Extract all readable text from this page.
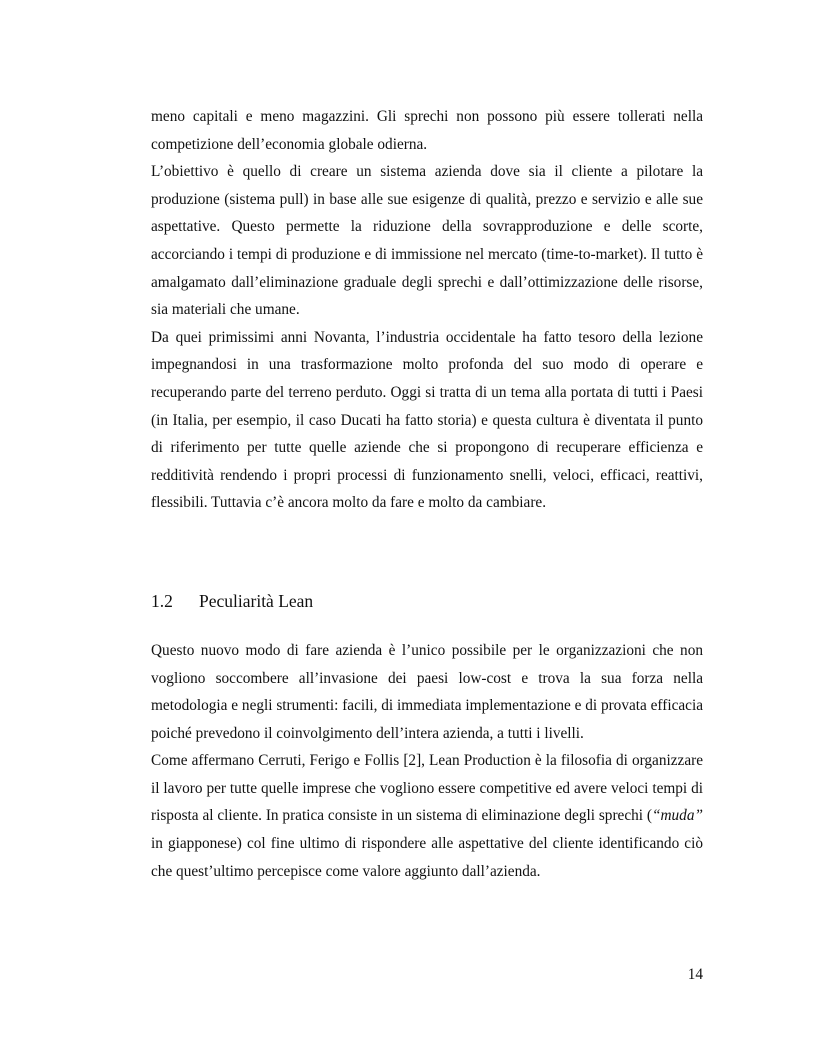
meno capitali e meno magazzini. Gli sprechi non possono più essere tollerati nella competizione dell’economia globale odierna.

L’obiettivo è quello di creare un sistema azienda dove sia il cliente a pilotare la produzione (sistema pull) in base alle sue esigenze di qualità, prezzo e servizio e alle sue aspettative. Questo permette la riduzione della sovrapproduzione e delle scorte, accorciando i tempi di produzione e di immissione nel mercato (time-to-market). Il tutto è amalgamato dall’eliminazione graduale degli sprechi e dall’ottimizzazione delle risorse, sia materiali che umane.

Da quei primissimi anni Novanta, l’industria occidentale ha fatto tesoro della lezione impegnandosi in una trasformazione molto profonda del suo modo di operare e recuperando parte del terreno perduto. Oggi si tratta di un tema alla portata di tutti i Paesi (in Italia, per esempio, il caso Ducati ha fatto storia) e questa cultura è diventata il punto di riferimento per tutte quelle aziende che si propongono di recuperare efficienza e redditività rendendo i propri processi di funzionamento snelli, veloci, efficaci, reattivi, flessibili. Tuttavia c’è ancora molto da fare e molto da cambiare.

1.2	Peculiarità Lean

Questo nuovo modo di fare azienda è l’unico possibile per le organizzazioni che non vogliono soccombere all’invasione dei paesi low-cost e trova la sua forza nella metodologia e negli strumenti: facili, di immediata implementazione e di provata efficacia poiché prevedono il coinvolgimento dell’intera azienda, a tutti i livelli.

Come affermano Cerruti, Ferigo e Follis [2], Lean Production è la filosofia di organizzare il lavoro per tutte quelle imprese che vogliono essere competitive ed avere veloci tempi di risposta al cliente. In pratica consiste in un sistema di eliminazione degli sprechi (“muda” in giapponese) col fine ultimo di rispondere alle aspettative del cliente identificando ciò che quest’ultimo percepisce come valore aggiunto dall’azienda.

14
